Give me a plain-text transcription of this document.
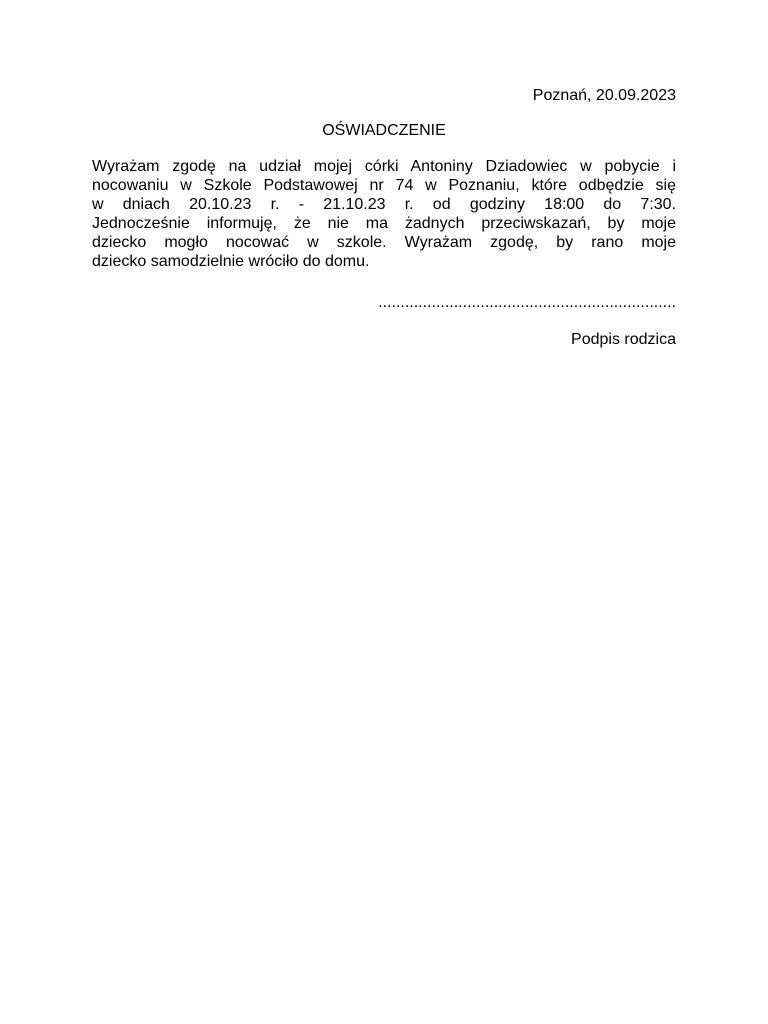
Poznań, 20.09.2023
OŚWIADCZENIE
Wyrażam zgodę na udział mojej córki Antoniny Dziadowiec w pobycie i
nocowaniu w Szkole Podstawowej nr 74 w Poznaniu, które odbędzie się
w dniach 20.10.23 r. - 21.10.23 r. od godziny 18:00 do 7:30.
Jednocześnie informuję, że nie ma żadnych przeciwskazań, by moje
dziecko mogło nocować w szkole. Wyrażam zgodę, by rano moje
dziecko samodzielnie wróciło do domu.
...................................................................
Podpis rodzica
